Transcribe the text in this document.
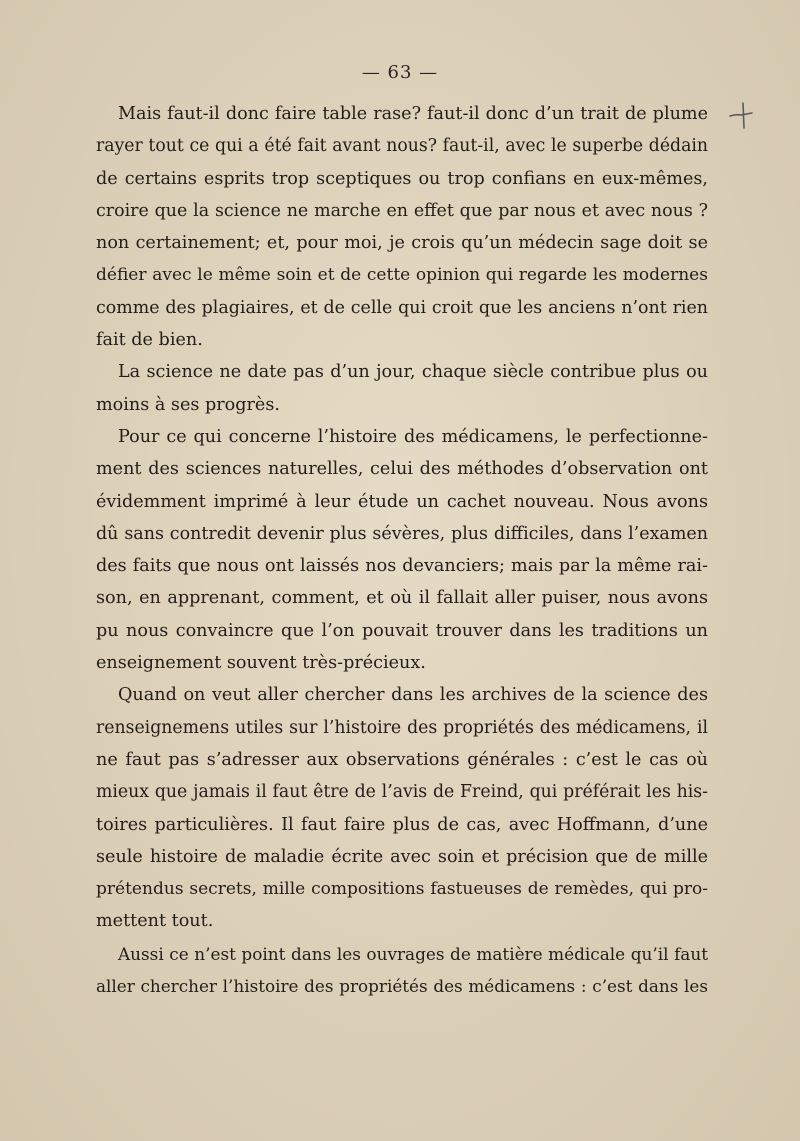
— 63 —

Mais faut-il donc faire table rase? faut-il donc d’un trait de plume
rayer tout ce qui a été fait avant nous? faut-il, avec le superbe dédain
de certains esprits trop sceptiques ou trop confians en eux-mêmes,
croire que la science ne marche en effet que par nous et avec nous ?
non certainement; et, pour moi, je crois qu’un médecin sage doit se
défier avec le même soin et de cette opinion qui regarde les modernes
comme des plagiaires, et de celle qui croit que les anciens n’ont rien
fait de bien.

La science ne date pas d’un jour, chaque siècle contribue plus ou
moins à ses progrès.

Pour ce qui concerne l’histoire des médicamens, le perfectionne-
ment des sciences naturelles, celui des méthodes d’observation ont
évidemment imprimé à leur étude un cachet nouveau. Nous avons
dû sans contredit devenir plus sévères, plus difficiles, dans l’examen
des faits que nous ont laissés nos devanciers; mais par la même rai-
son, en apprenant, comment, et où il fallait aller puiser, nous avons
pu nous convaincre que l’on pouvait trouver dans les traditions un
enseignement souvent très-précieux.

Quand on veut aller chercher dans les archives de la science des
renseignemens utiles sur l’histoire des propriétés des médicamens, il
ne faut pas s’adresser aux observations générales : c’est le cas où
mieux que jamais il faut être de l’avis de Freind, qui préférait les his-
toires particulières. Il faut faire plus de cas, avec Hoffmann, d’une
seule histoire de maladie écrite avec soin et précision que de mille
prétendus secrets, mille compositions fastueuses de remèdes, qui pro-
mettent tout.

Aussi ce n’est point dans les ouvrages de matière médicale qu’il faut
aller chercher l’histoire des propriétés des médicamens : c’est dans les
